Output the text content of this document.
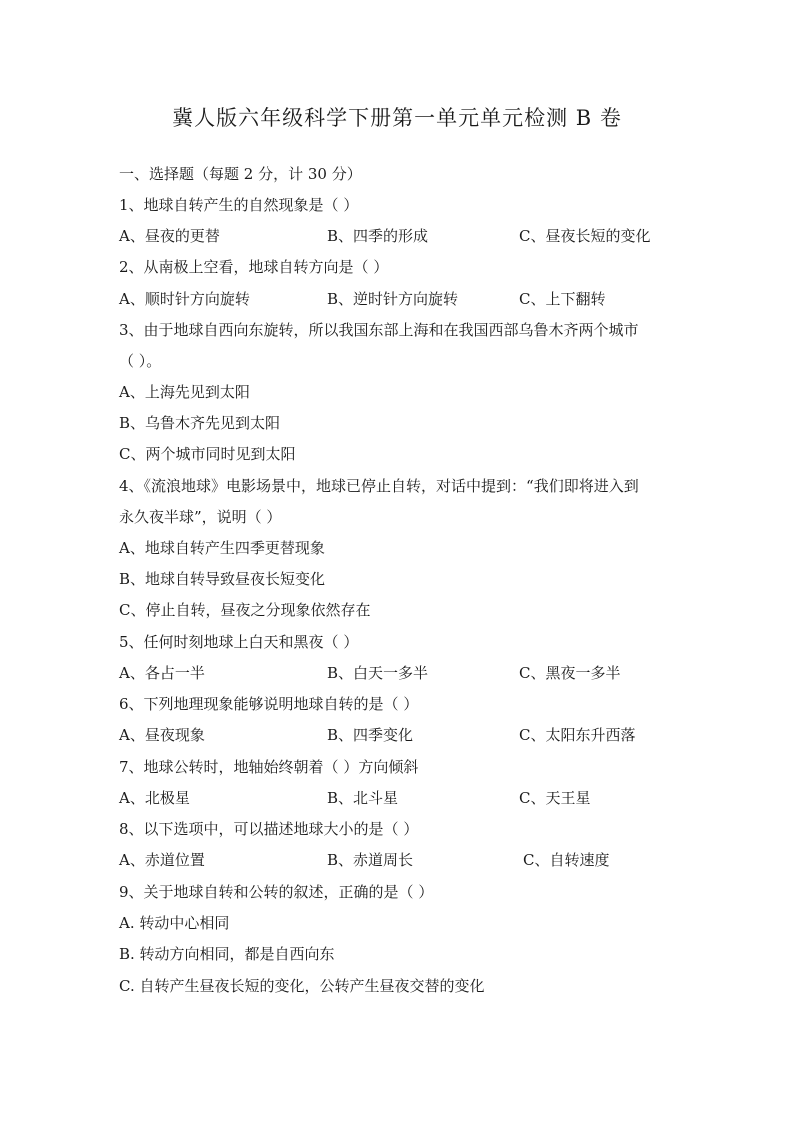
冀人版六年级科学下册第一单元单元检测 B 卷
一、选择题（每题 2 分，计 30 分）
1、地球自转产生的自然现象是（ ）
A、昼夜的更替	B、四季的形成	C、昼夜长短的变化
2、从南极上空看，地球自转方向是（ ）
A、顺时针方向旋转	B、逆时针方向旋转	C、上下翻转
3、由于地球自西向东旋转，所以我国东部上海和在我国西部乌鲁木齐两个城市
（ ）。
A、上海先见到太阳
B、乌鲁木齐先见到太阳
C、两个城市同时见到太阳
4、《流浪地球》电影场景中，地球已停止自转，对话中提到：“我们即将进入到
永久夜半球”，说明（ ）
A、地球自转产生四季更替现象
B、地球自转导致昼夜长短变化
C、停止自转，昼夜之分现象依然存在
5、任何时刻地球上白天和黑夜（ ）
A、各占一半	B、白天一多半	C、黑夜一多半
6、下列地理现象能够说明地球自转的是（ ）
A、昼夜现象	B、四季变化	C、太阳东升西落
7、地球公转时，地轴始终朝着（ ）方向倾斜
A、北极星	B、北斗星	C、天王星
8、以下选项中，可以描述地球大小的是（ ）
A、赤道位置	B、赤道周长	C、自转速度
9、关于地球自转和公转的叙述，正确的是（ ）
A. 转动中心相同
B. 转动方向相同，都是自西向东
C. 自转产生昼夜长短的变化，公转产生昼夜交替的变化
